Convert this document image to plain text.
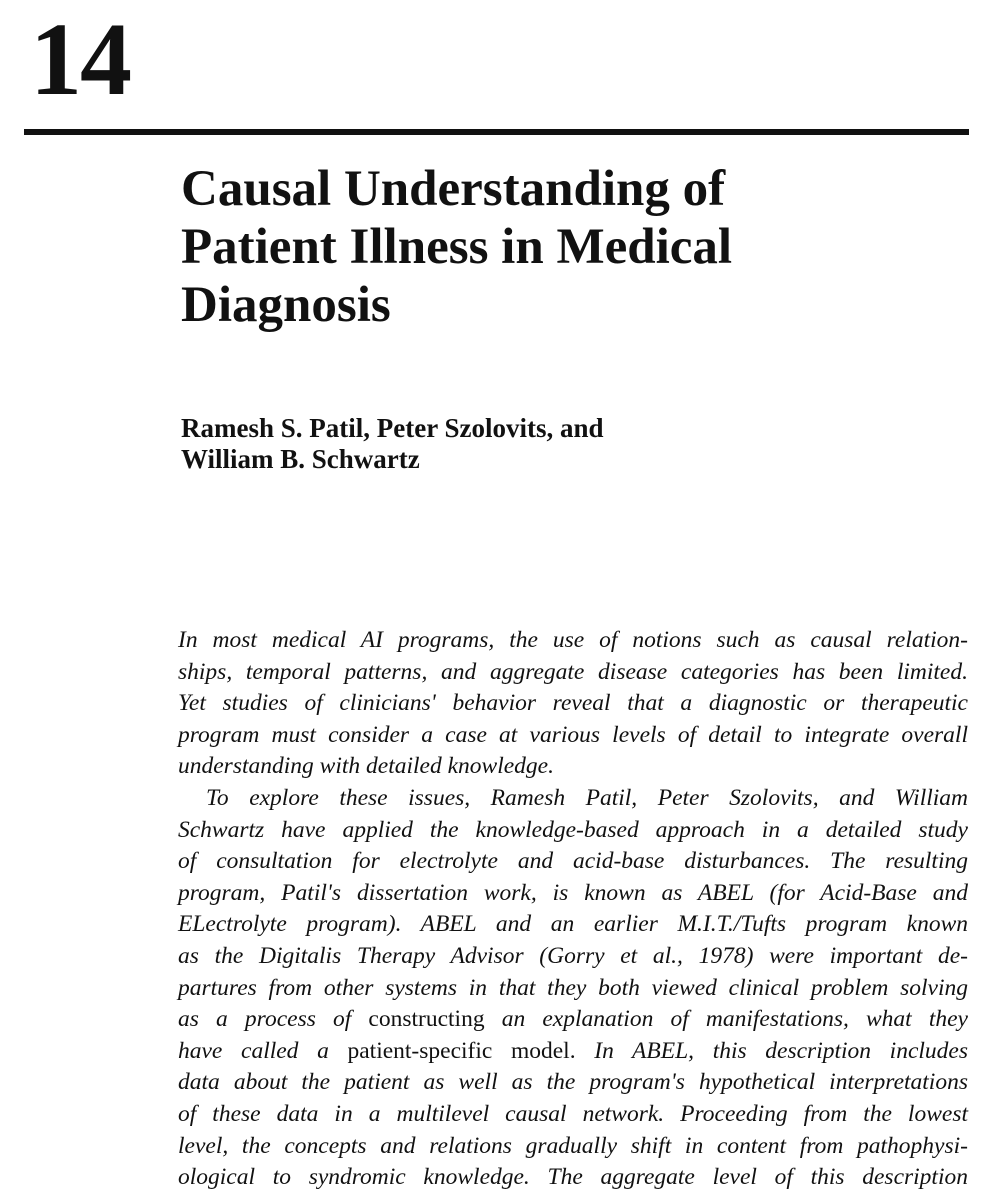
14
Causal Understanding of
Patient Illness in Medical
Diagnosis
Ramesh S. Patil, Peter Szolovits, and
William B. Schwartz
In most medical AI programs, the use of notions such as causal relation-
ships, temporal patterns, and aggregate disease categories has been limited.
Yet studies of clinicians' behavior reveal that a diagnostic or therapeutic
program must consider a case at various levels of detail to integrate overall
understanding with detailed knowledge.
To explore these issues, Ramesh Patil, Peter Szolovits, and William
Schwartz have applied the knowledge-based approach in a detailed study
of consultation for electrolyte and acid-base disturbances. The resulting
program, Patil's dissertation work, is known as ABEL (for Acid-Base and
ELectrolyte program). ABEL and an earlier M.I.T./Tufts program known
as the Digitalis Therapy Advisor (Gorry et al., 1978) were important de-
partures from other systems in that they both viewed clinical problem solving
as a process of constructing an explanation of manifestations, what they
have called a patient-specific model. In ABEL, this description includes
data about the patient as well as the program's hypothetical interpretations
of these data in a multilevel causal network. Proceeding from the lowest
level, the concepts and relations gradually shift in content from pathophysi-
ological to syndromic knowledge. The aggregate level of this description
